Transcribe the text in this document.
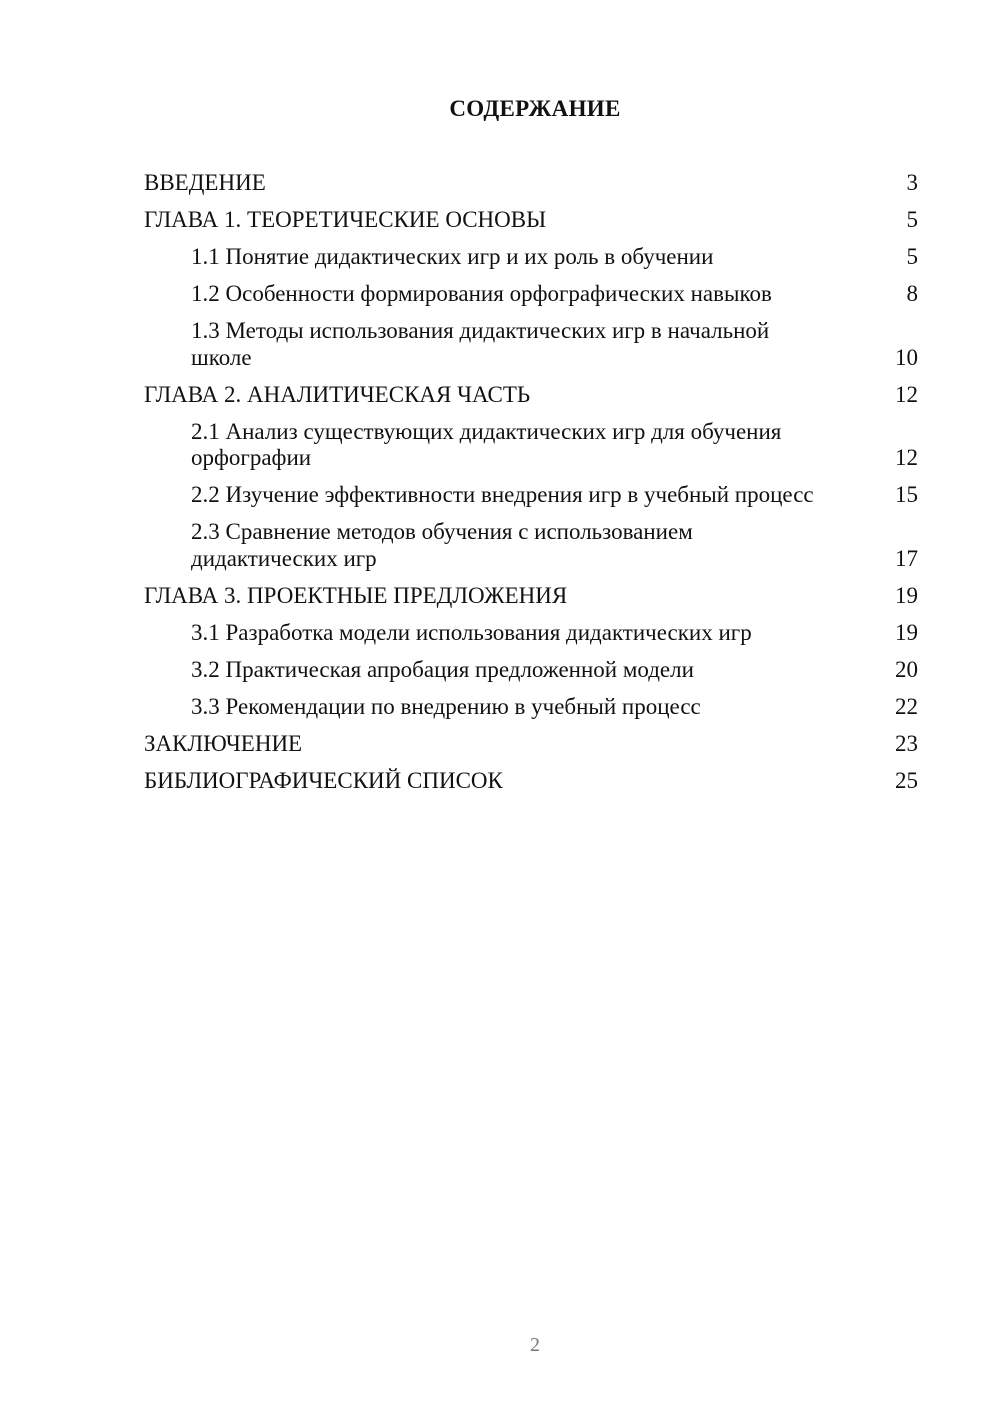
СОДЕРЖАНИЕ
ВВЕДЕНИЕ	3
ГЛАВА 1. ТЕОРЕТИЧЕСКИЕ ОСНОВЫ	5
1.1 Понятие дидактических игр и их роль в обучении	5
1.2 Особенности формирования орфографических навыков	8
1.3 Методы использования дидактических игр в начальной школе	10
ГЛАВА 2. АНАЛИТИЧЕСКАЯ ЧАСТЬ	12
2.1 Анализ существующих дидактических игр для обучения орфографии	12
2.2 Изучение эффективности внедрения игр в учебный процесс	15
2.3 Сравнение методов обучения с использованием дидактических игр	17
ГЛАВА 3. ПРОЕКТНЫЕ ПРЕДЛОЖЕНИЯ	19
3.1 Разработка модели использования дидактических игр	19
3.2 Практическая апробация предложенной модели	20
3.3 Рекомендации по внедрению в учебный процесс	22
ЗАКЛЮЧЕНИЕ	23
БИБЛИОГРАФИЧЕСКИЙ СПИСОК	25
2
